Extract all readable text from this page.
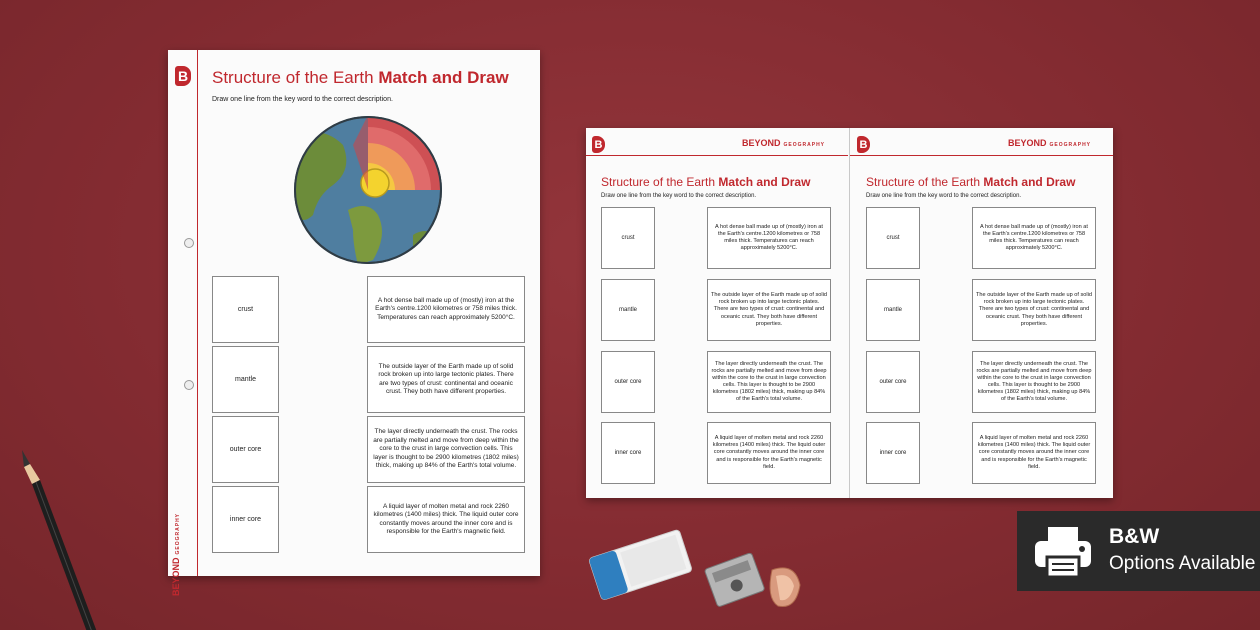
B
BEYONDGEOGRAPHY
Structure of the Earth Match and Draw
Draw one line from the key word to the correct description.
crust
mantle
outer core
inner core
A hot dense ball made up of (mostly) iron at the Earth's centre.1200 kilometres or 758 miles thick. Temperatures can reach approximately 5200°C.
The outside layer of the Earth made up of solid rock broken up into large tectonic plates. There are two types of crust: continental and oceanic crust. They both have different properties.
The layer directly underneath the crust. The rocks are partially melted and move from deep within the core to the crust in large convection cells. This layer is thought to be 2900 kilometres (1802 miles) thick, making up 84% of the Earth's total volume.
A liquid layer of molten metal and rock 2260 kilometres (1400 miles) thick. The liquid outer core constantly moves around the inner core and is responsible for the Earth's magnetic field.
B	BEYOND GEOGRAPHY
Structure of the Earth Match and Draw
Draw one line from the key word to the correct description.
crust
mantle
outer core
inner core
A hot dense ball made up of (mostly) iron at the Earth's centre.1200 kilometres or 758 miles thick. Temperatures can reach approximately 5200°C.
The outside layer of the Earth made up of solid rock broken up into large tectonic plates. There are two types of crust: continental and oceanic crust. They both have different properties.
The layer directly underneath the crust. The rocks are partially melted and move from deep within the core to the crust in large convection cells. This layer is thought to be 2900 kilometres (1802 miles) thick, making up 84% of the Earth's total volume.
A liquid layer of molten metal and rock 2260 kilometres (1400 miles) thick. The liquid outer core constantly moves around the inner core and is responsible for the Earth's magnetic field.
B	BEYOND GEOGRAPHY
Structure of the Earth Match and Draw
Draw one line from the key word to the correct description.
crust
mantle
outer core
inner core
A hot dense ball made up of (mostly) iron at the Earth's centre.1200 kilometres or 758 miles thick. Temperatures can reach approximately 5200°C.
The outside layer of the Earth made up of solid rock broken up into large tectonic plates. There are two types of crust: continental and oceanic crust. They both have different properties.
The layer directly underneath the crust. The rocks are partially melted and move from deep within the core to the crust in large convection cells. This layer is thought to be 2900 kilometres (1802 miles) thick, making up 84% of the Earth's total volume.
A liquid layer of molten metal and rock 2260 kilometres (1400 miles) thick. The liquid outer core constantly moves around the inner core and is responsible for the Earth's magnetic field.
B&W
Options Available
